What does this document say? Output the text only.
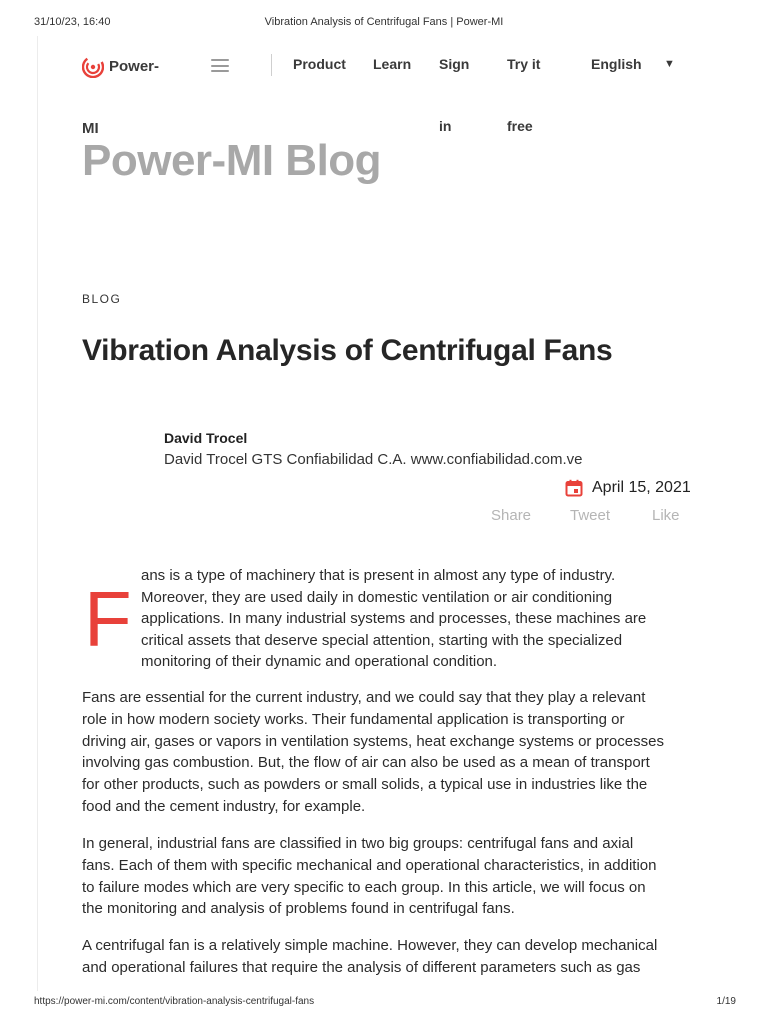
31/10/23, 16:40	Vibration Analysis of Centrifugal Fans | Power-MI
Power-
MI
Product Learn Sign
in
Try it
free
English ▼
Power-MI Blog
BLOG
Vibration Analysis of Centrifugal Fans
David Trocel
David Trocel GTS Confiabilidad C.A. www.confiabilidad.com.ve
April 15, 2021
Share	Tweet	Like
F ans is a type of machinery that is present in almost any type of industry.

Moreover, they are used daily in domestic ventilation or air conditioning

applications. In many industrial systems and processes, these machines are

critical assets that deserve special attention, starting with the specialized

monitoring of their dynamic and operational condition.

Fans are essential for the current industry, and we could say that they play a relevant

role in how modern society works. Their fundamental application is transporting or

driving air, gases or vapors in ventilation systems, heat exchange systems or processes

involving gas combustion. But, the flow of air can also be used as a mean of transport

for other products, such as powders or small solids, a typical use in industries like the

food and the cement industry, for example.

In general, industrial fans are classified in two big groups: centrifugal fans and axial

fans. Each of them with specific mechanical and operational characteristics, in addition

to failure modes which are very specific to each group. In this article, we will focus on

the monitoring and analysis of problems found in centrifugal fans.

A centrifugal fan is a relatively simple machine. However, they can develop mechanical

and operational failures that require the analysis of different parameters such as gas

https://power-mi.com/content/vibration-analysis-centrifugal-fans	1/19
